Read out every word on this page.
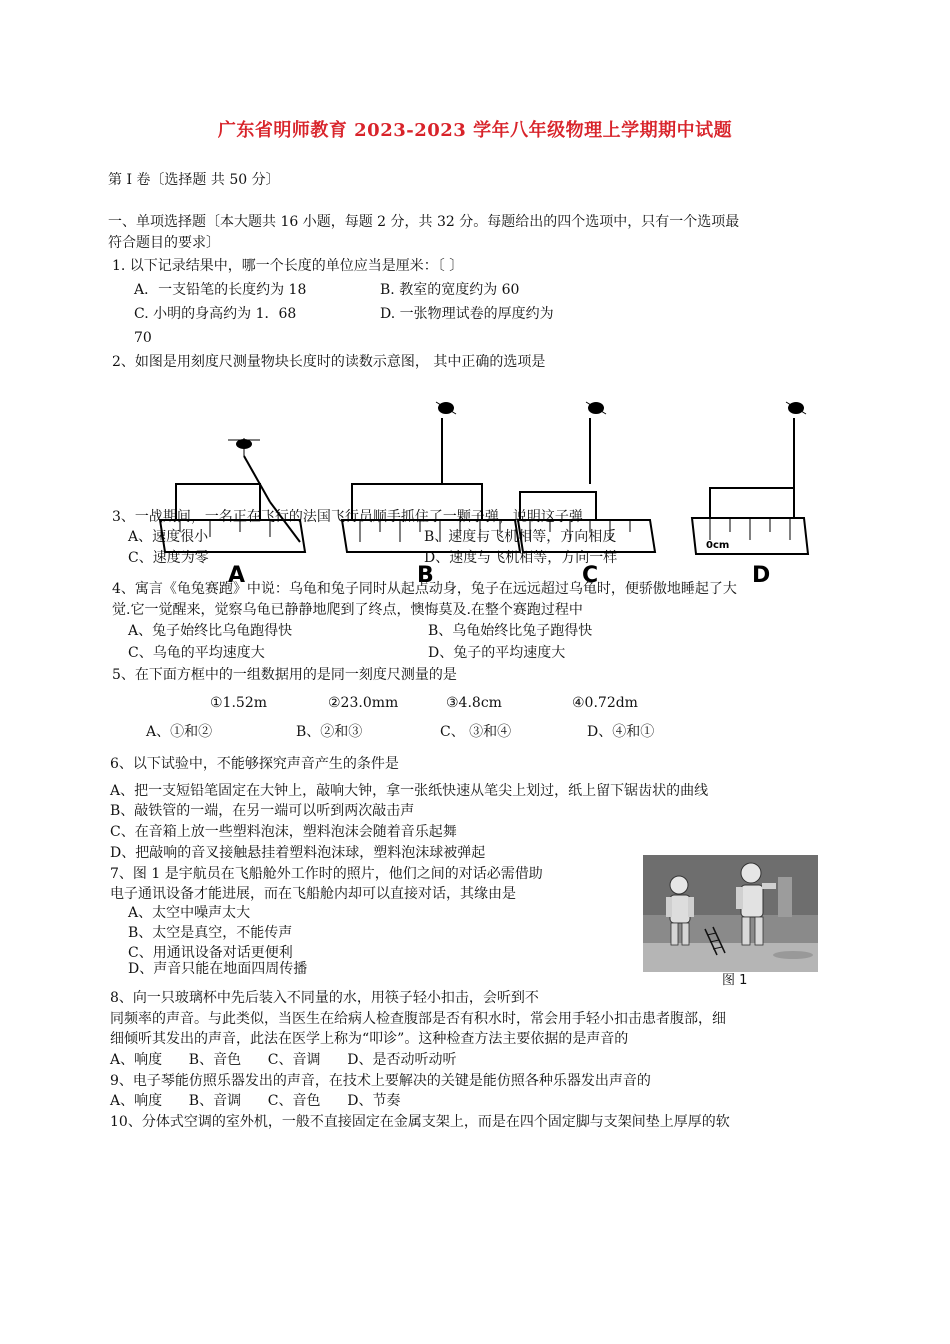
广东省明师教育 2023-2023 学年八年级物理上学期期中试题
第 I 卷〔选择题 共 50 分〕
一、单项选择题〔本大题共 16 小题，每题 2 分，共 32 分。每题给出的四个选项中，只有一个选项最
符合题目的要求〕
1. 以下记录结果中，哪一个长度的单位应当是厘米：〔 〕
A．一支铅笔的长度约为 18	B. 教室的宽度约为 60
C. 小明的身高约为 1．68	D. 一张物理试卷的厚度约为
70
2、如图是用刻度尺测量物块长度时的读数示意图， 其中正确的选项是
3、一战期间，一名正在飞行的法国飞行员顺手抓住了一颗子弹，说明这子弹
A、速度很小	B、速度与飞机相等，方向相反
C、速度为零	D、速度与飞机相等，方向一样
A	B	C
0cm
D
4、寓言《龟兔赛跑》中说：乌龟和兔子同时从起点动身，兔子在远远超过乌龟时，便骄傲地睡起了大
觉.它一觉醒来，觉察乌龟已静静地爬到了终点，懊悔莫及.在整个赛跑过程中
A、兔子始终比乌龟跑得快	B、乌龟始终比兔子跑得快
C、乌龟的平均速度大	D、兔子的平均速度大
5、在下面方框中的一组数据用的是同一刻度尺测量的是
①1.52m	②23.0mm	③4.8cm	④0.72dm
A、①和②	B、②和③	C、 ③和④	D、④和①
6、以下试验中，不能够探究声音产生的条件是
A、把一支短铅笔固定在大钟上，敲响大钟，拿一张纸快速从笔尖上划过，纸上留下锯齿状的曲线
B、敲铁管的一端，在另一端可以听到两次敲击声
C、在音箱上放一些塑料泡沫，塑料泡沫会随着音乐起舞
D、把敲响的音叉接触悬挂着塑料泡沫球，塑料泡沫球被弹起
7、图 1 是宇航员在飞船舱外工作时的照片，他们之间的对话必需借助
电子通讯设备才能进展，而在飞船舱内却可以直接对话，其缘由是
A、太空中噪声太大
B、太空是真空，不能传声
C、用通讯设备对话更便利
D、声音只能在地面四周传播
图 1
8、向一只玻璃杯中先后装入不同量的水，用筷子轻小扣击，会听到不
同频率的声音。与此类似，当医生在给病人检查腹部是否有积水时，常会用手轻小扣击患者腹部，细
细倾听其发出的声音，此法在医学上称为“叩诊”。这种检查方法主要依据的是声音的
A、响度      B、音色      C、音调      D、是否动听动听
9、电子琴能仿照乐器发出的声音，在技术上要解决的关键是能仿照各种乐器发出声音的
A、响度      B、音调      C、音色      D、节奏
10、分体式空调的室外机，一般不直接固定在金属支架上，而是在四个固定脚与支架间垫上厚厚的软
